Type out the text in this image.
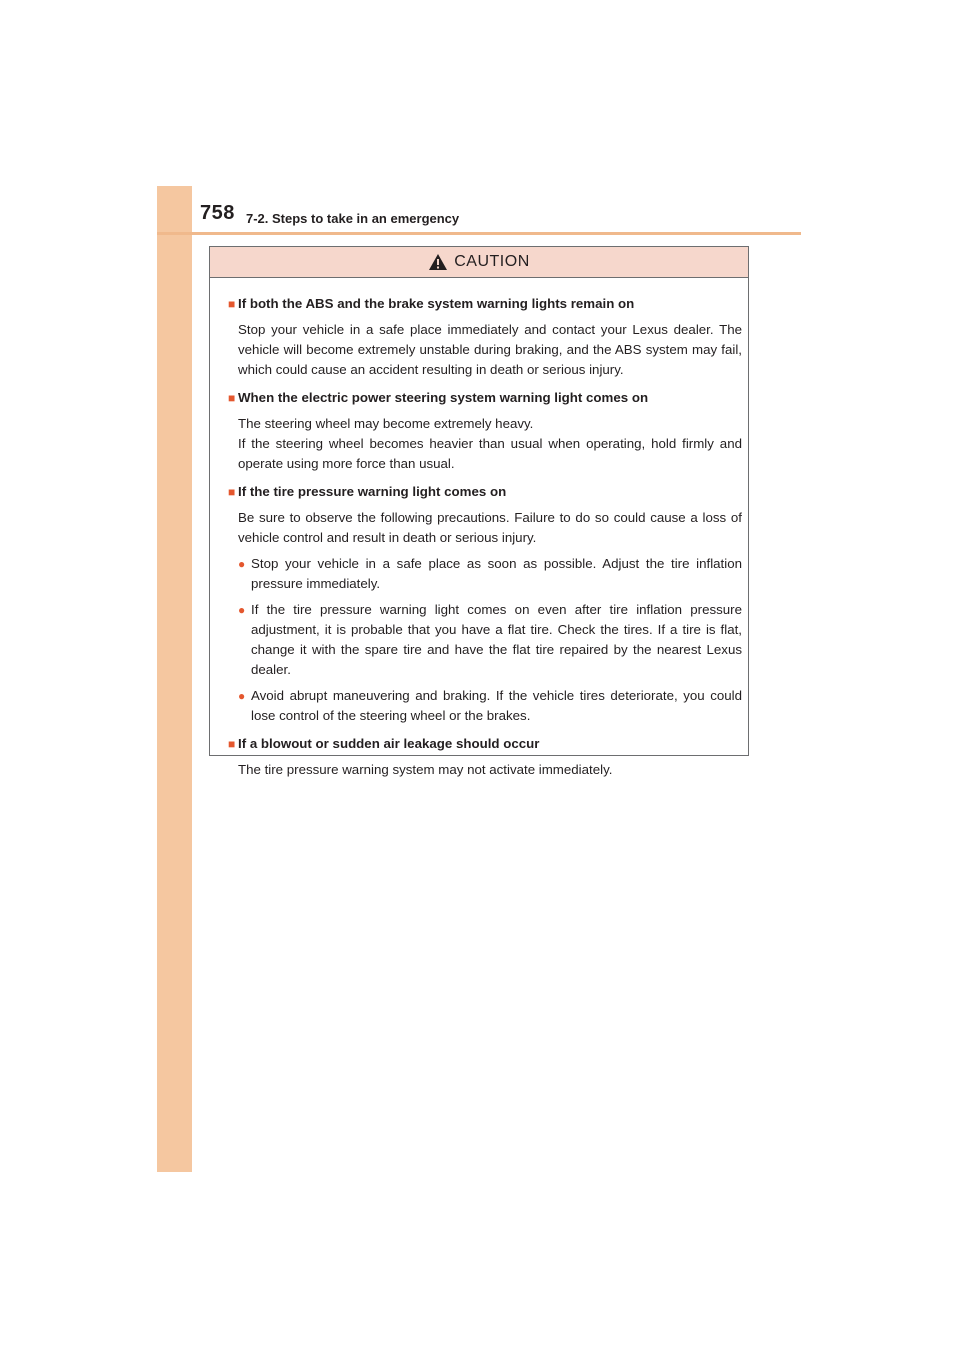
758 7-2. Steps to take in an emergency
CAUTION
■ If both the ABS and the brake system warning lights remain on
Stop your vehicle in a safe place immediately and contact your Lexus dealer. The vehicle will become extremely unstable during braking, and the ABS system may fail, which could cause an accident resulting in death or serious injury.
■ When the electric power steering system warning light comes on
The steering wheel may become extremely heavy.
If the steering wheel becomes heavier than usual when operating, hold firmly and operate using more force than usual.
■ If the tire pressure warning light comes on
Be sure to observe the following precautions. Failure to do so could cause a loss of vehicle control and result in death or serious injury.
● Stop your vehicle in a safe place as soon as possible. Adjust the tire inflation pressure immediately.
● If the tire pressure warning light comes on even after tire inflation pressure adjustment, it is probable that you have a flat tire. Check the tires. If a tire is flat, change it with the spare tire and have the flat tire repaired by the nearest Lexus dealer.
● Avoid abrupt maneuvering and braking. If the vehicle tires deteriorate, you could lose control of the steering wheel or the brakes.
■ If a blowout or sudden air leakage should occur
The tire pressure warning system may not activate immediately.
